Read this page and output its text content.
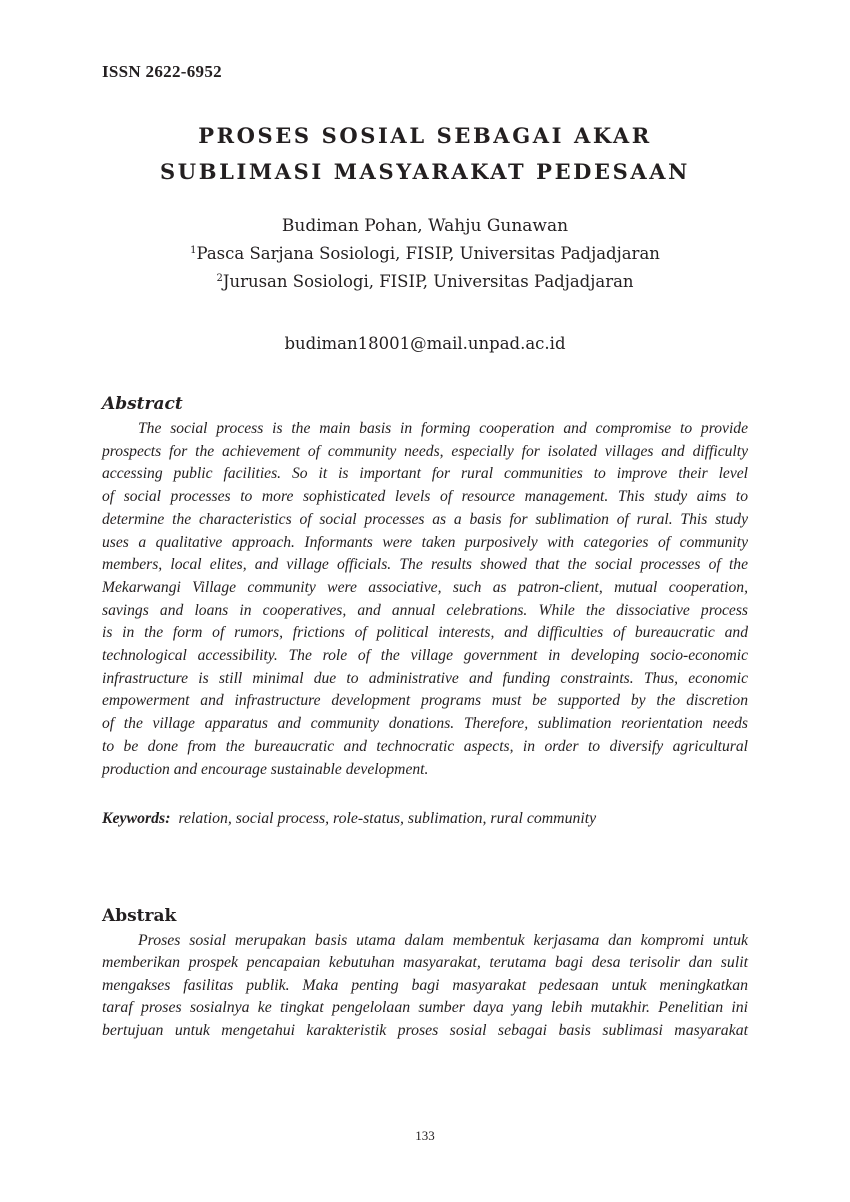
ISSN 2622-6952
PROSES SOSIAL SEBAGAI AKAR
SUBLIMASI MASYARAKAT PEDESAAN
Budiman Pohan, Wahju Gunawan
$^1$Pasca Sarjana Sosiologi, FISIP, Universitas Padjadjaran
$^2$Jurusan Sosiologi, FISIP, Universitas Padjadjaran
budiman18001@mail.unpad.ac.id
Abstract
The social process is the main basis in forming cooperation and compromise to provide
prospects for the achievement of community needs, especially for isolated villages and difficulty
accessing public facilities. So it is important for rural communities to improve their level
of social processes to more sophisticated levels of resource management. This study aims to
determine the characteristics of social processes as a basis for sublimation of rural. This study
uses a qualitative approach. Informants were taken purposively with categories of community
members, local elites, and village officials. The results showed that the social processes of the
Mekarwangi Village community were associative, such as patron-client, mutual cooperation,
savings and loans in cooperatives, and annual celebrations. While the dissociative process
is in the form of rumors, frictions of political interests, and difficulties of bureaucratic and
technological accessibility. The role of the village government in developing socio-economic
infrastructure is still minimal due to administrative and funding constraints. Thus, economic
empowerment and infrastructure development programs must be supported by the discretion
of the village apparatus and community donations. Therefore, sublimation reorientation needs
to be done from the bureaucratic and technocratic aspects, in order to diversify agricultural
production and encourage sustainable development.
Keywords: relation, social process, role-status, sublimation, rural community
Abstrak
Proses sosial merupakan basis utama dalam membentuk kerjasama dan kompromi untuk
memberikan prospek pencapaian kebutuhan masyarakat, terutama bagi desa terisolir dan sulit
mengakses fasilitas publik. Maka penting bagi masyarakat pedesaan untuk meningkatkan
taraf proses sosialnya ke tingkat pengelolaan sumber daya yang lebih mutakhir. Penelitian ini
bertujuan untuk mengetahui karakteristik proses sosial sebagai basis sublimasi masyarakat
133
